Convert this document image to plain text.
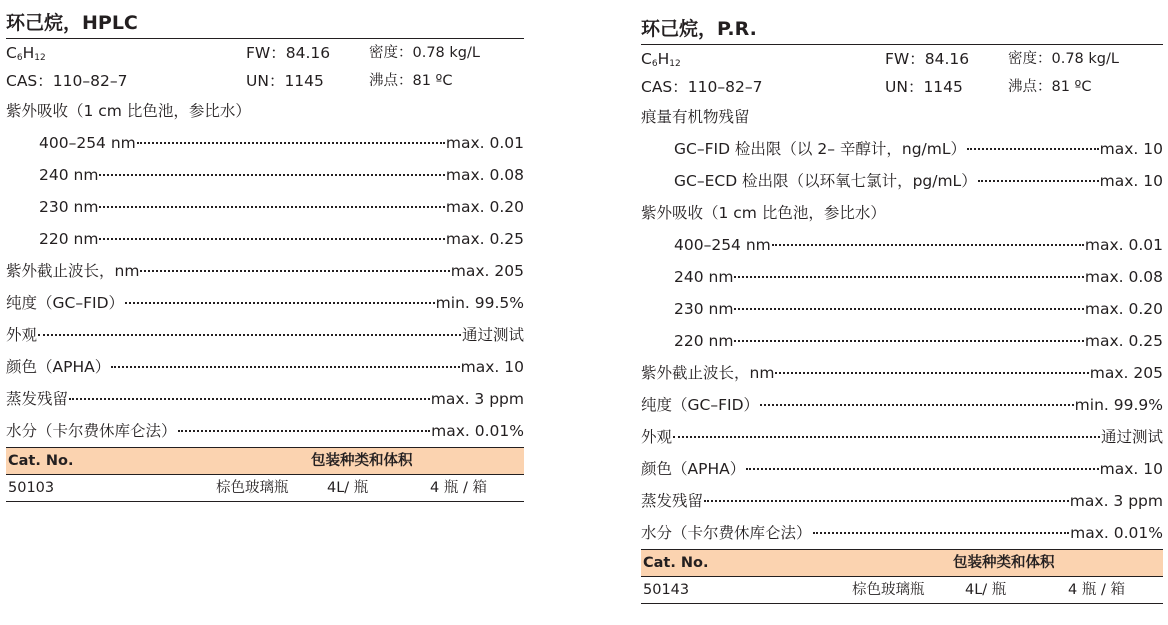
环己烷，HPLC
$C_6H_{12}$	FW：84.16	密度：0.78 kg/L
CAS：110–82–7	UN：1145	沸点：81 ºC
紫外吸收（1 cm 比色池，参比水）
400–254 nm	max. 0.01
240 nm	max. 0.08
230 nm	max. 0.20
220 nm	max. 0.25
紫外截止波长，nm	max. 205
纯度（GC–FID）	min. 99.5%
外观	通过测试
颜色（APHA）	max. 10
蒸发残留	max. 3 ppm
水分（卡尔费休库仑法）	max. 0.01%
Cat. No.	包装种类和体积
50103	棕色玻璃瓶	4L/ 瓶	4 瓶 / 箱
环己烷，P.R.
$C_6H_{12}$	FW：84.16	密度：0.78 kg/L
CAS：110–82–7	UN：1145	沸点：81 ºC
痕量有机物残留
GC–FID 检出限（以 2– 辛醇计，ng/mL）	max. 10
GC–ECD 检出限（以环氧七氯计，pg/mL）	max. 10
紫外吸收（1 cm 比色池，参比水）
400–254 nm	max. 0.01
240 nm	max. 0.08
230 nm	max. 0.20
220 nm	max. 0.25
紫外截止波长，nm	max. 205
纯度（GC–FID）	min. 99.9%
外观	通过测试
颜色（APHA）	max. 10
蒸发残留	max. 3 ppm
水分（卡尔费休库仑法）	max. 0.01%
Cat. No.	包装种类和体积
50143	棕色玻璃瓶	4L/ 瓶	4 瓶 / 箱
